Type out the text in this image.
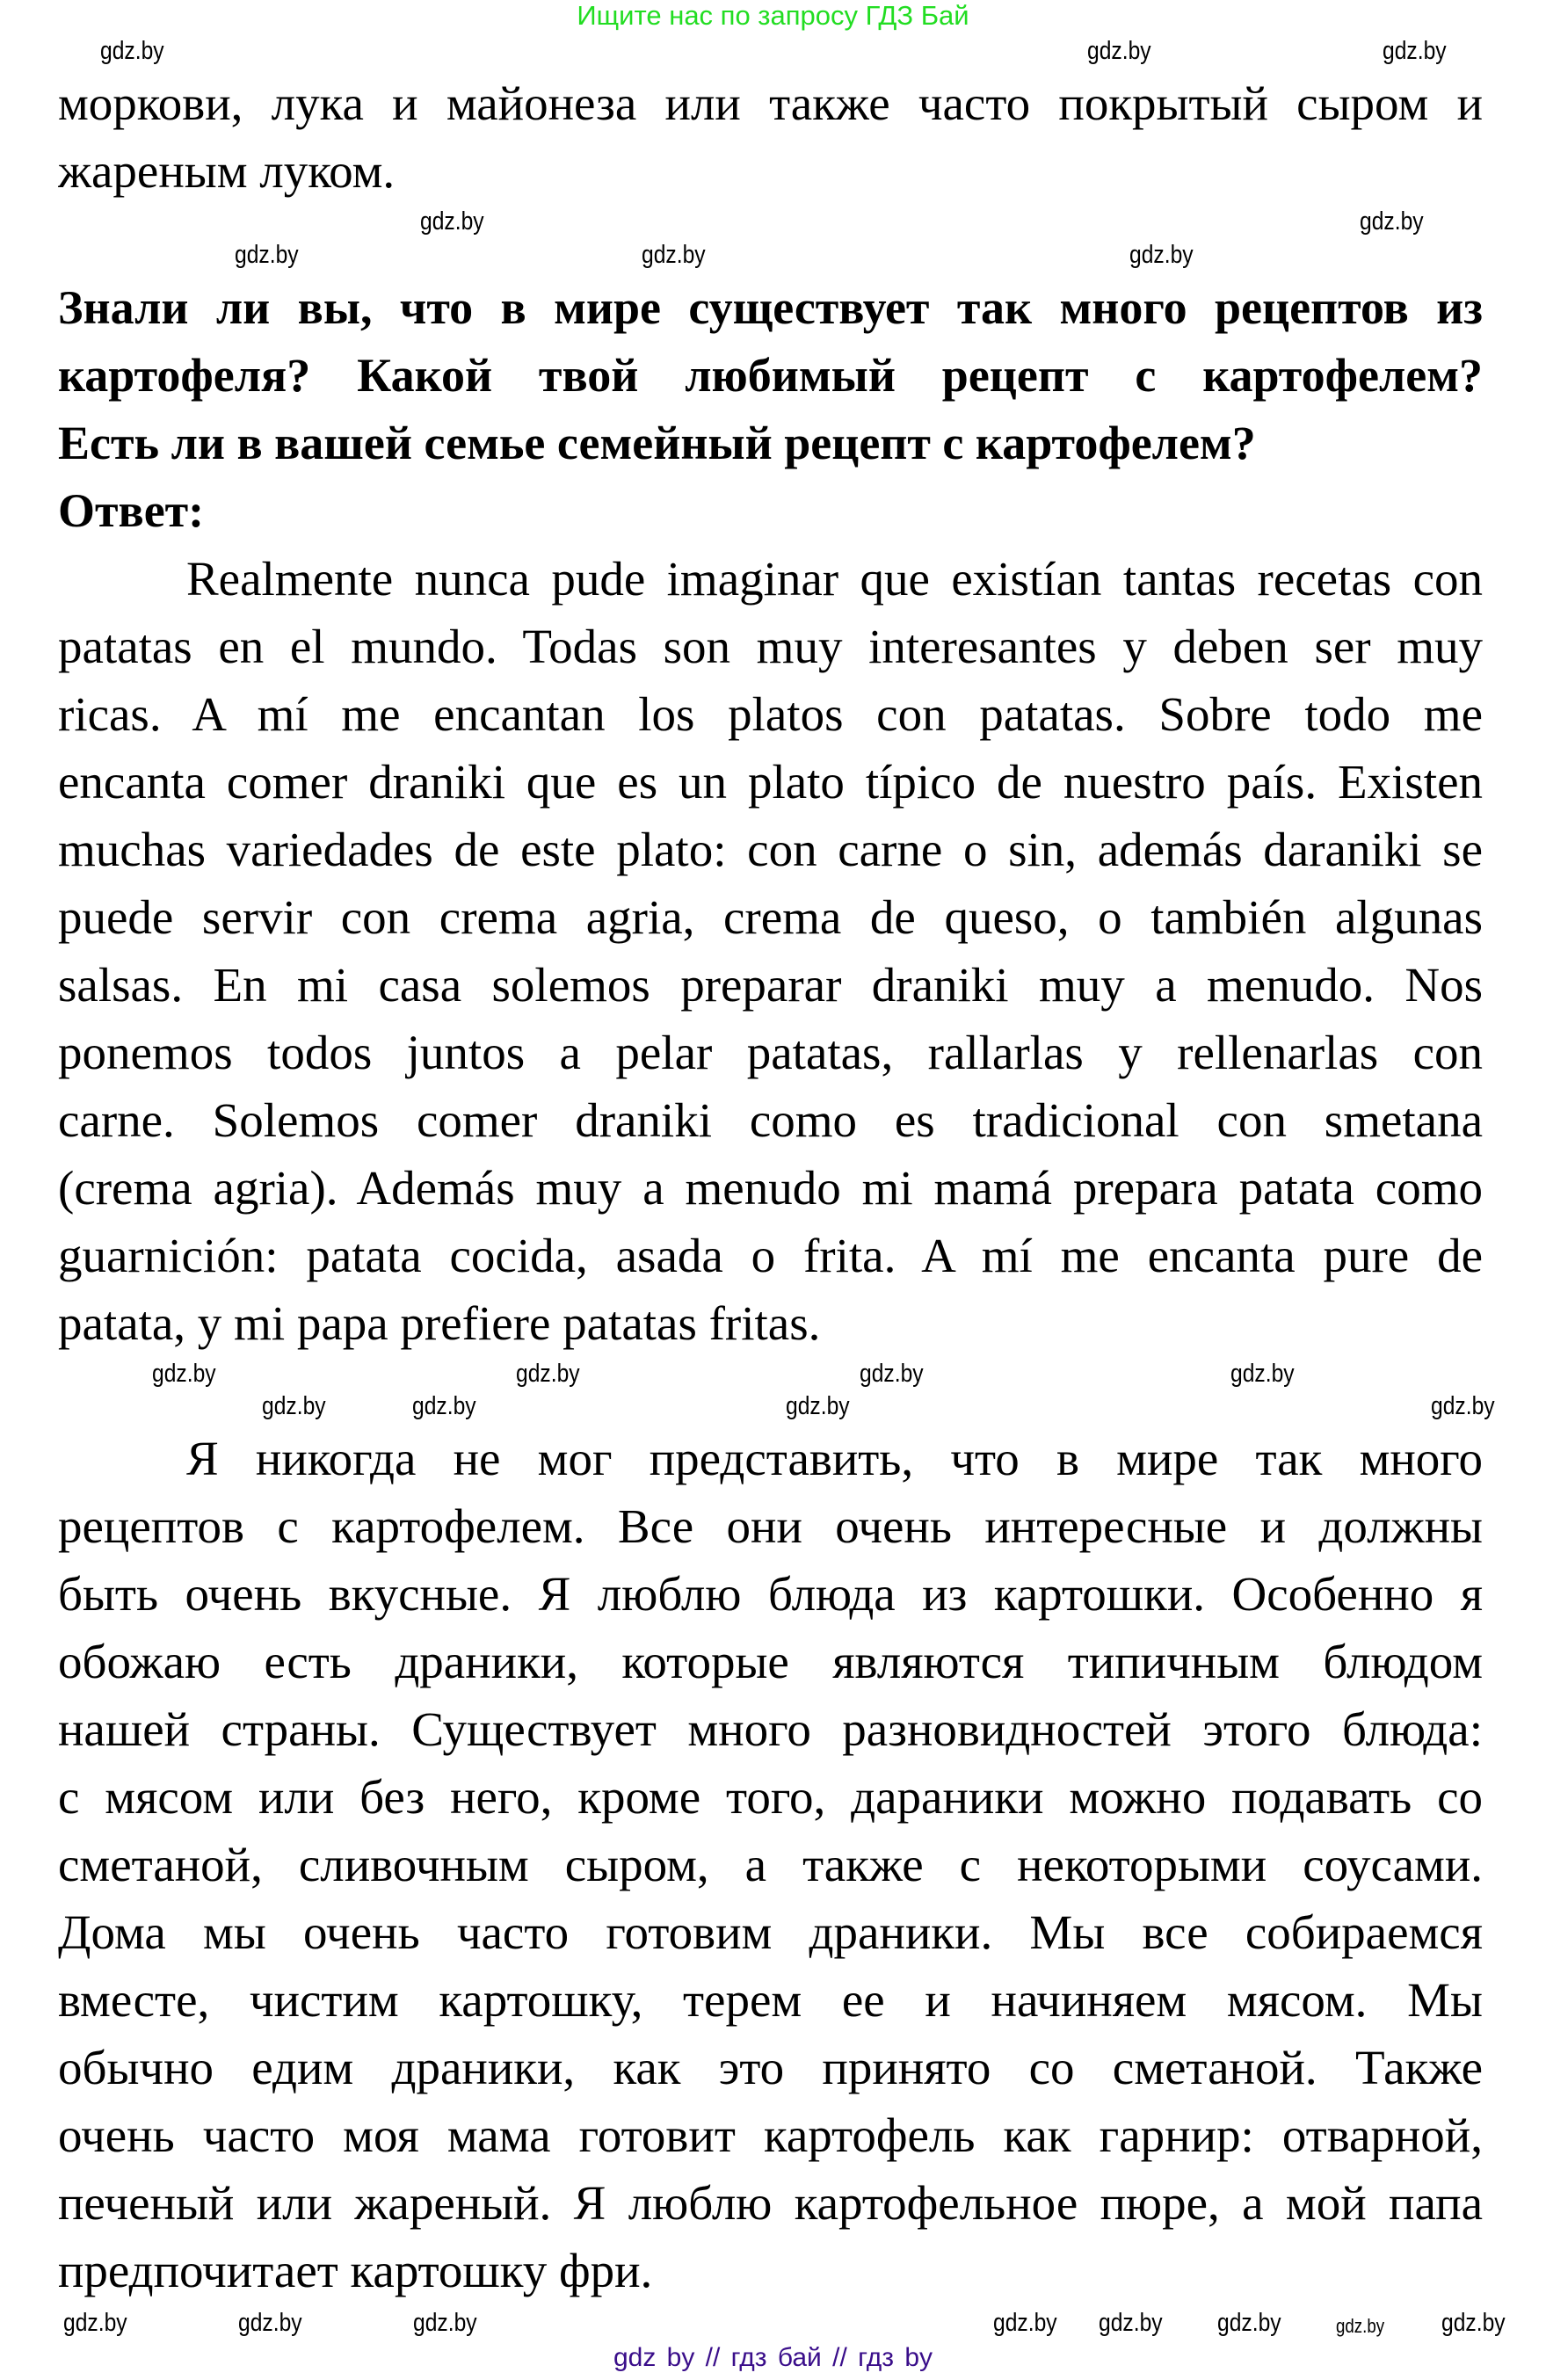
Ищите нас по запросу ГДЗ Бай
моркови, лука и майонеза или также часто покрытый сыром и
жареным луком.
Знали ли вы, что в мире существует так много рецептов из
картофеля? Какой твой любимый рецепт с картофелем?
Есть ли в вашей семье семейный рецепт с картофелем?
Ответ:
Realmente nunca pude imaginar que existían tantas recetas con
patatas en el mundo. Todas son muy interesantes y deben ser muy
ricas. A mí me encantan los platos con patatas. Sobre todo me
encanta comer draniki que es un plato típico de nuestro país. Existen
muchas variedades de este plato: con carne o sin, además daraniki se
puede servir con crema agria, crema de queso, o también algunas
salsas. En mi casa solemos preparar draniki muy a menudo. Nos
ponemos todos juntos a pelar patatas, rallarlas y rellenarlas con
carne. Solemos comer draniki como es tradicional con smetana
(crema agria). Además muy a menudo mi mamá prepara patata como
guarnición: patata cocida, asada o frita. A mí me encanta pure de
patata, y mi papa prefiere patatas fritas.
Я никогда не мог представить, что в мире так много
рецептов с картофелем. Все они очень интересные и должны
быть очень вкусные. Я люблю блюда из картошки. Особенно я
обожаю есть драники, которые являются типичным блюдом
нашей страны. Существует много разновидностей этого блюда:
с мясом или без него, кроме того, дараники можно подавать со
сметаной, сливочным сыром, а также с некоторыми соусами.
Дома мы очень часто готовим драники. Мы все собираемся
вместе, чистим картошку, терем ее и начиняем мясом. Мы
обычно едим драники, как это принято со сметаной. Также
очень часто моя мама готовит картофель как гарнир: отварной,
печеный или жареный. Я люблю картофельное пюре, а мой папа
предпочитает картошку фри.
gdz.by	gdz.by	gdz.by
gdz.by	gdz.by
gdz.by	gdz.by	gdz.by
gdz.by	gdz.by	gdz.by	gdz.by
gdz.by	gdz.by	gdz.by	gdz.by
gdz.by	gdz.by	gdz.by	gdz.by gdz.by gdz.by	gdz.by gdz.by
gdz by // гдз бай // гдз by
